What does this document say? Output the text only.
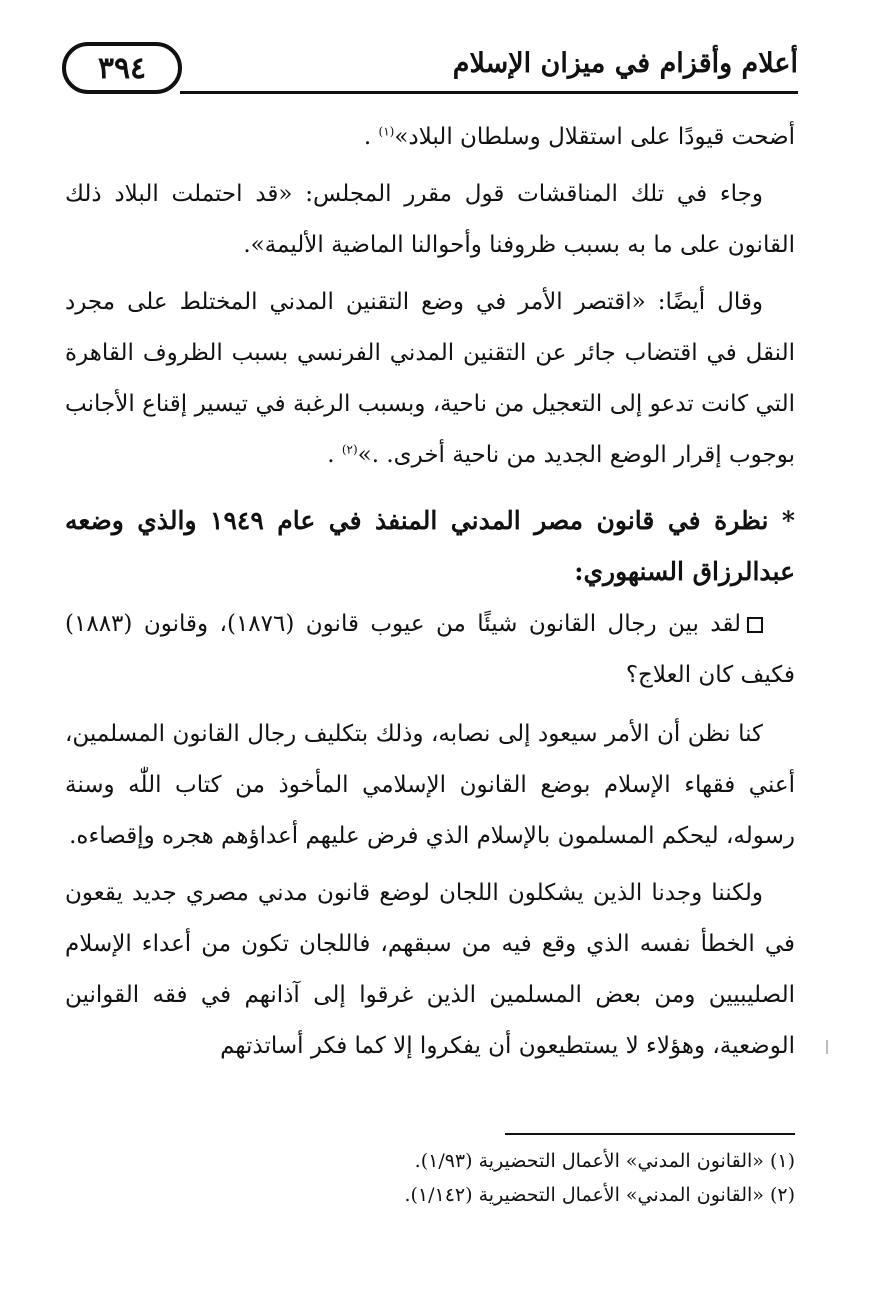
٣٩٤	أعلام وأقزام في ميزان الإسلام

أضحت قيودًا على استقلال وسلطان البلاد»$^{(١)}$ .

وجاء في تلك المناقشات قول مقرر المجلس: «قد احتملت البلاد ذلك القانون على ما به بسبب ظروفنا وأحوالنا الماضية الأليمة».

وقال أيضًا: «اقتصر الأمر في وضع التقنين المدني المختلط على مجرد النقل في اقتضاب جائر عن التقنين المدني الفرنسي بسبب الظروف القاهرة التي كانت تدعو إلى التعجيل من ناحية، وبسبب الرغبة في تيسير إقناع الأجانب بوجوب إقرار الوضع الجديد من ناحية أخرى. .»$^{(٢)}$ .

* نظرة في قانون مصر المدني المنفذ في عام ١٩٤٩ والذي وضعه عبدالرزاق السنهوري:

لقد بين رجال القانون شيئًا من عيوب قانون (١٨٧٦)، وقانون (١٨٨٣) فكيف كان العلاج؟

كنا نظن أن الأمر سيعود إلى نصابه، وذلك بتكليف رجال القانون المسلمين، أعني فقهاء الإسلام بوضع القانون الإسلامي المأخوذ من كتاب اللّٰه وسنة رسوله، ليحكم المسلمون بالإسلام الذي فرض عليهم أعداؤهم هجره وإقصاءه.

ولكننا وجدنا الذين يشكلون اللجان لوضع قانون مدني مصري جديد يقعون في الخطأ نفسه الذي وقع فيه من سبقهم، فاللجان تكون من أعداء الإسلام الصليبيين ومن بعض المسلمين الذين غرقوا إلى آذانهم في فقه القوانين الوضعية، وهؤلاء لا يستطيعون أن يفكروا إلا كما فكر أساتذتهم

(١) «القانون المدني» الأعمال التحضيرية (١/٩٣).
(٢) «القانون المدني» الأعمال التحضيرية (١/١٤٢).
